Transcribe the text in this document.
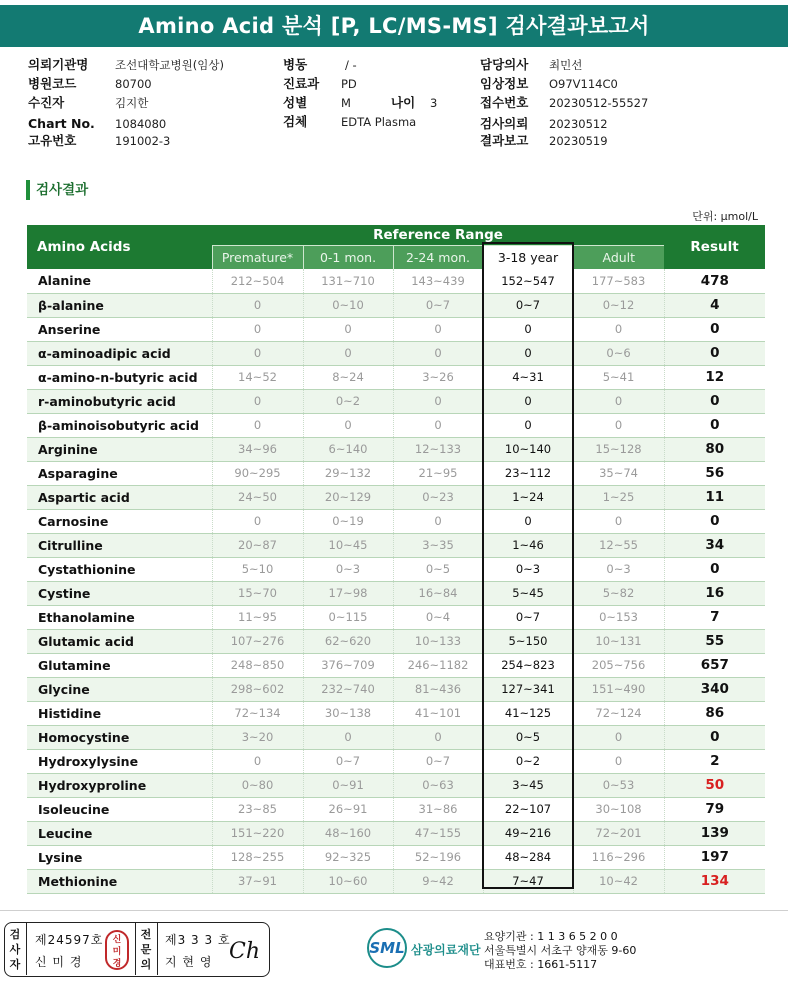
Amino Acid 분석 [P, LC/MS-MS] 검사결과보고서
의뢰기관명 조선대학교병원(임상)
병원코드	80700
수진자	김지한
Chart No. 1084080
고유번호	191002-3
병동	/ -
진료과 PD
성별	M	나이 3
검체	EDTA Plasma
담당의사 최민선
임상정보 O97V114C0
접수번호 20230512-55527
검사의뢰 20230512
결과보고 20230519
검사결과
단위: μmol/L
Amino Acids	Reference Range					Result
	Premature*	0-1 mon.	2-24 mon.	3-18 year	Adult	
Alanine	212~504	131~710	143~439	152~547	177~583	478
β-alanine	0	0~10	0~7	0~7	0~12	4
Anserine	0	0	0	0	0	0
α-aminoadipic acid	0	0	0	0	0~6	0
α-amino-n-butyric acid	14~52	8~24	3~26	4~31	5~41	12
r-aminobutyric acid	0	0~2	0	0	0	0
β-aminoisobutyric acid	0	0	0	0	0	0
Arginine	34~96	6~140	12~133	10~140	15~128	80
Asparagine	90~295	29~132	21~95	23~112	35~74	56
Aspartic acid	24~50	20~129	0~23	1~24	1~25	11
Carnosine	0	0~19	0	0	0	0
Citrulline	20~87	10~45	3~35	1~46	12~55	34
Cystathionine	5~10	0~3	0~5	0~3	0~3	0
Cystine	15~70	17~98	16~84	5~45	5~82	16
Ethanolamine	11~95	0~115	0~4	0~7	0~153	7
Glutamic acid	107~276	62~620	10~133	5~150	10~131	55
Glutamine	248~850	376~709	246~1182	254~823	205~756	657
Glycine	298~602	232~740	81~436	127~341	151~490	340
Histidine	72~134	30~138	41~101	41~125	72~124	86
Homocystine	3~20	0	0	0~5	0	0
Hydroxylysine	0	0~7	0~7	0~2	0	2
Hydroxyproline	0~80	0~91	0~63	3~45	0~53	50
Isoleucine	23~85	26~91	31~86	22~107	30~108	79
Leucine	151~220	48~160	47~155	49~216	72~201	139
Lysine	128~255	92~325	52~196	48~284	116~296	197
Methionine	37~91	10~60	9~42	7~47	10~42	134
검
사
자
제24597호
신 미 경
신
미
경
전
문
의
제3 3 3 호
지 현 영 Ch	SML 삼광의료재단
요양기관 : 1 1 3 6 5 2 0 0
서울특별시 서초구 양재동 9-60
대표번호 : 1661-5117
